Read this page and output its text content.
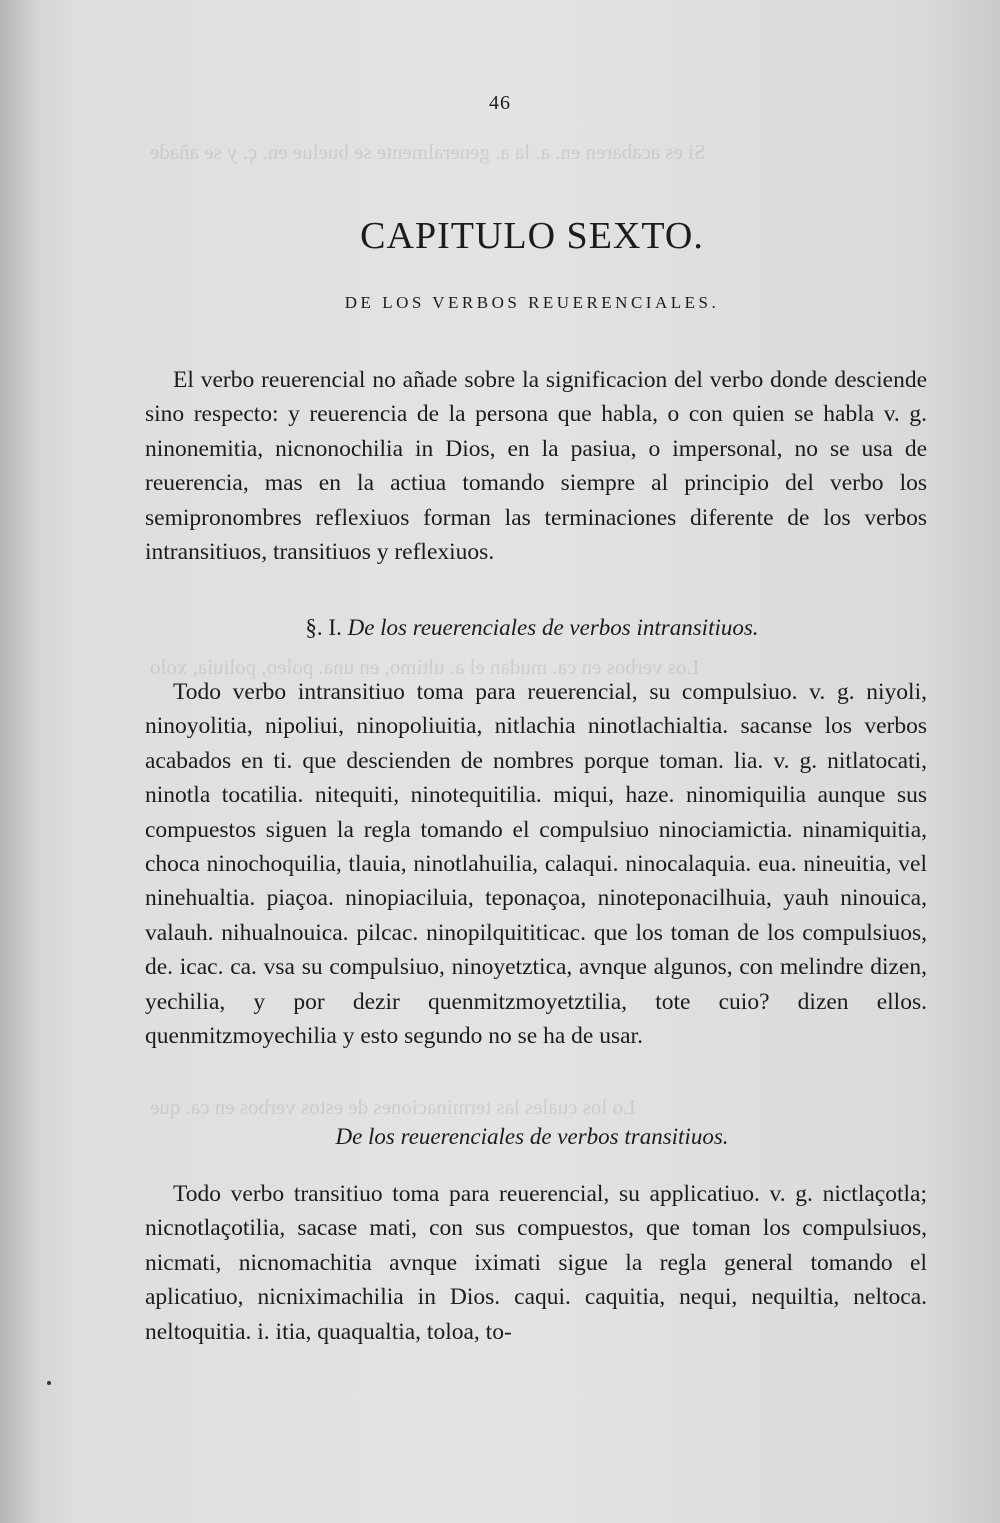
Si es acabaren en. a. la a. generalmente se buelue en. ç. y se añade
Los verbos en ca. mudan el a. ultimo, en una. poleo, poliuia, xolo
Lo los cuales las terminaciones de estos verbos en ca. que
46
CAPITULO SEXTO.
DE LOS VERBOS REUERENCIALES.
El verbo reuerencial no añade sobre la significacion del verbo donde desciende sino respecto: y reuerencia de la persona que habla, o con quien se habla v. g. ninonemitia, nicnonochilia in Dios, en la pasiua, o impersonal, no se usa de reuerencia, mas en la actiua tomando siempre al principio del verbo los semipronombres reflexiuos forman las terminaciones diferente de los verbos intransitiuos, transitiuos y reflexiuos.
§. I. De los reuerenciales de verbos intransitiuos.
Todo verbo intransitiuo toma para reuerencial, su compulsiuo. v. g. niyoli, ninoyolitia, nipoliui, ninopoliuitia, nitlachia ninotlachialtia. sacanse los verbos acabados en ti. que descienden de nombres porque toman. lia. v. g. nitlatocati, ninotla tocatilia. nitequiti, ninotequitilia. miqui, haze. ninomiquilia aunque sus compuestos siguen la regla tomando el compulsiuo ninociamictia. ninamiquitia, choca ninochoquilia, tlauia, ninotlahuilia, calaqui. ninocalaquia. eua. nineuitia, vel ninehualtia. piaçoa. ninopiaciluia, teponaçoa, ninoteponacilhuia, yauh ninouica, valauh. nihualnouica. pilcac. ninopilquititicac. que los toman de los compulsiuos, de. icac. ca. vsa su compulsiuo, ninoyetztica, avnque algunos, con melindre dizen, yechilia, y por dezir quenmitzmoyetztilia, tote cuio? dizen ellos. quenmitzmoyechilia y esto segundo no se ha de usar.
De los reuerenciales de verbos transitiuos.
Todo verbo transitiuo toma para reuerencial, su applicatiuo. v. g. nictlaçotla; nicnotlaçotilia, sacase mati, con sus compuestos, que toman los compulsiuos, nicmati, nicnomachitia avnque iximati sigue la regla general tomando el aplicatiuo, nicniximachilia in Dios. caqui. caquitia, nequi, nequiltia, neltoca. neltoquitia. i. itia, quaqualtia, toloa, to-
